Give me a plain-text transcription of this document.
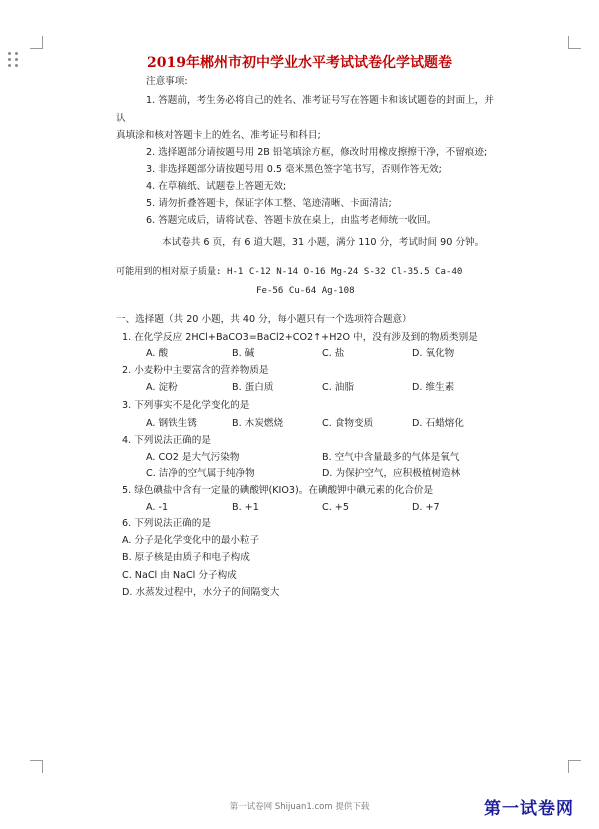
2019年郴州市初中学业水平考试试卷化学试题卷
注意事项:
1. 答题前，考生务必将自己的姓名、准考证号写在答题卡和该试题卷的封面上，并
认
真填涂和核对答题卡上的姓名、准考证号和科目;
2. 选择题部分请按题号用 2B 铅笔填涂方框，修改时用橡皮擦擦干净，不留痕迹;
3. 非选择题部分请按题号用 0.5 毫米黑色签字笔书写，否则作答无效;
4. 在草稿纸、试题卷上答题无效;
5. 请勿折叠答题卡，保证字体工整、笔迹清晰、卡面清洁;
6. 答题完成后，请将试卷、答题卡放在桌上，由监考老师统一收回。
本试卷共 6 页，有 6 道大题，31 小题，满分 110 分，考试时间 90 分钟。
可能用到的相对原子质量: H-1 C-12 N-14 O-16 Mg-24 S-32 Cl-35.5 Ca-40
Fe-56 Cu-64 Ag-108
一、选择题（共 20 小题，共 40 分，每小题只有一个选项符合题意）
1. 在化学反应 2HCl+BaCO3=BaCl2+CO2↑+H2O 中，没有涉及到的物质类别是
A. 酸	B. 碱	C. 盐	D. 氧化物
2. 小麦粉中主要富含的营养物质是
A. 淀粉	B. 蛋白质	C. 油脂	D. 维生素
3. 下列事实不是化学变化的是
A. 钢铁生锈	B. 木炭燃烧	C. 食物变质	D. 石蜡熔化
4. 下列说法正确的是
A. CO2 是大气污染物	B. 空气中含量最多的气体是氧气
C. 洁净的空气属于纯净物	D. 为保护空气，应积极植树造林
5. 绿色碘盐中含有一定量的碘酸钾(KIO3)。在碘酸钾中碘元素的化合价是
A. -1	B. +1	C. +5	D. +7
6. 下列说法正确的是
A. 分子是化学变化中的最小粒子
B. 原子核是由质子和电子构成
C. NaCl 由 NaCl 分子构成
D. 水蒸发过程中，水分子的间隔变大
第一试卷网 Shijuan1.com 提供下载	第一试卷网
